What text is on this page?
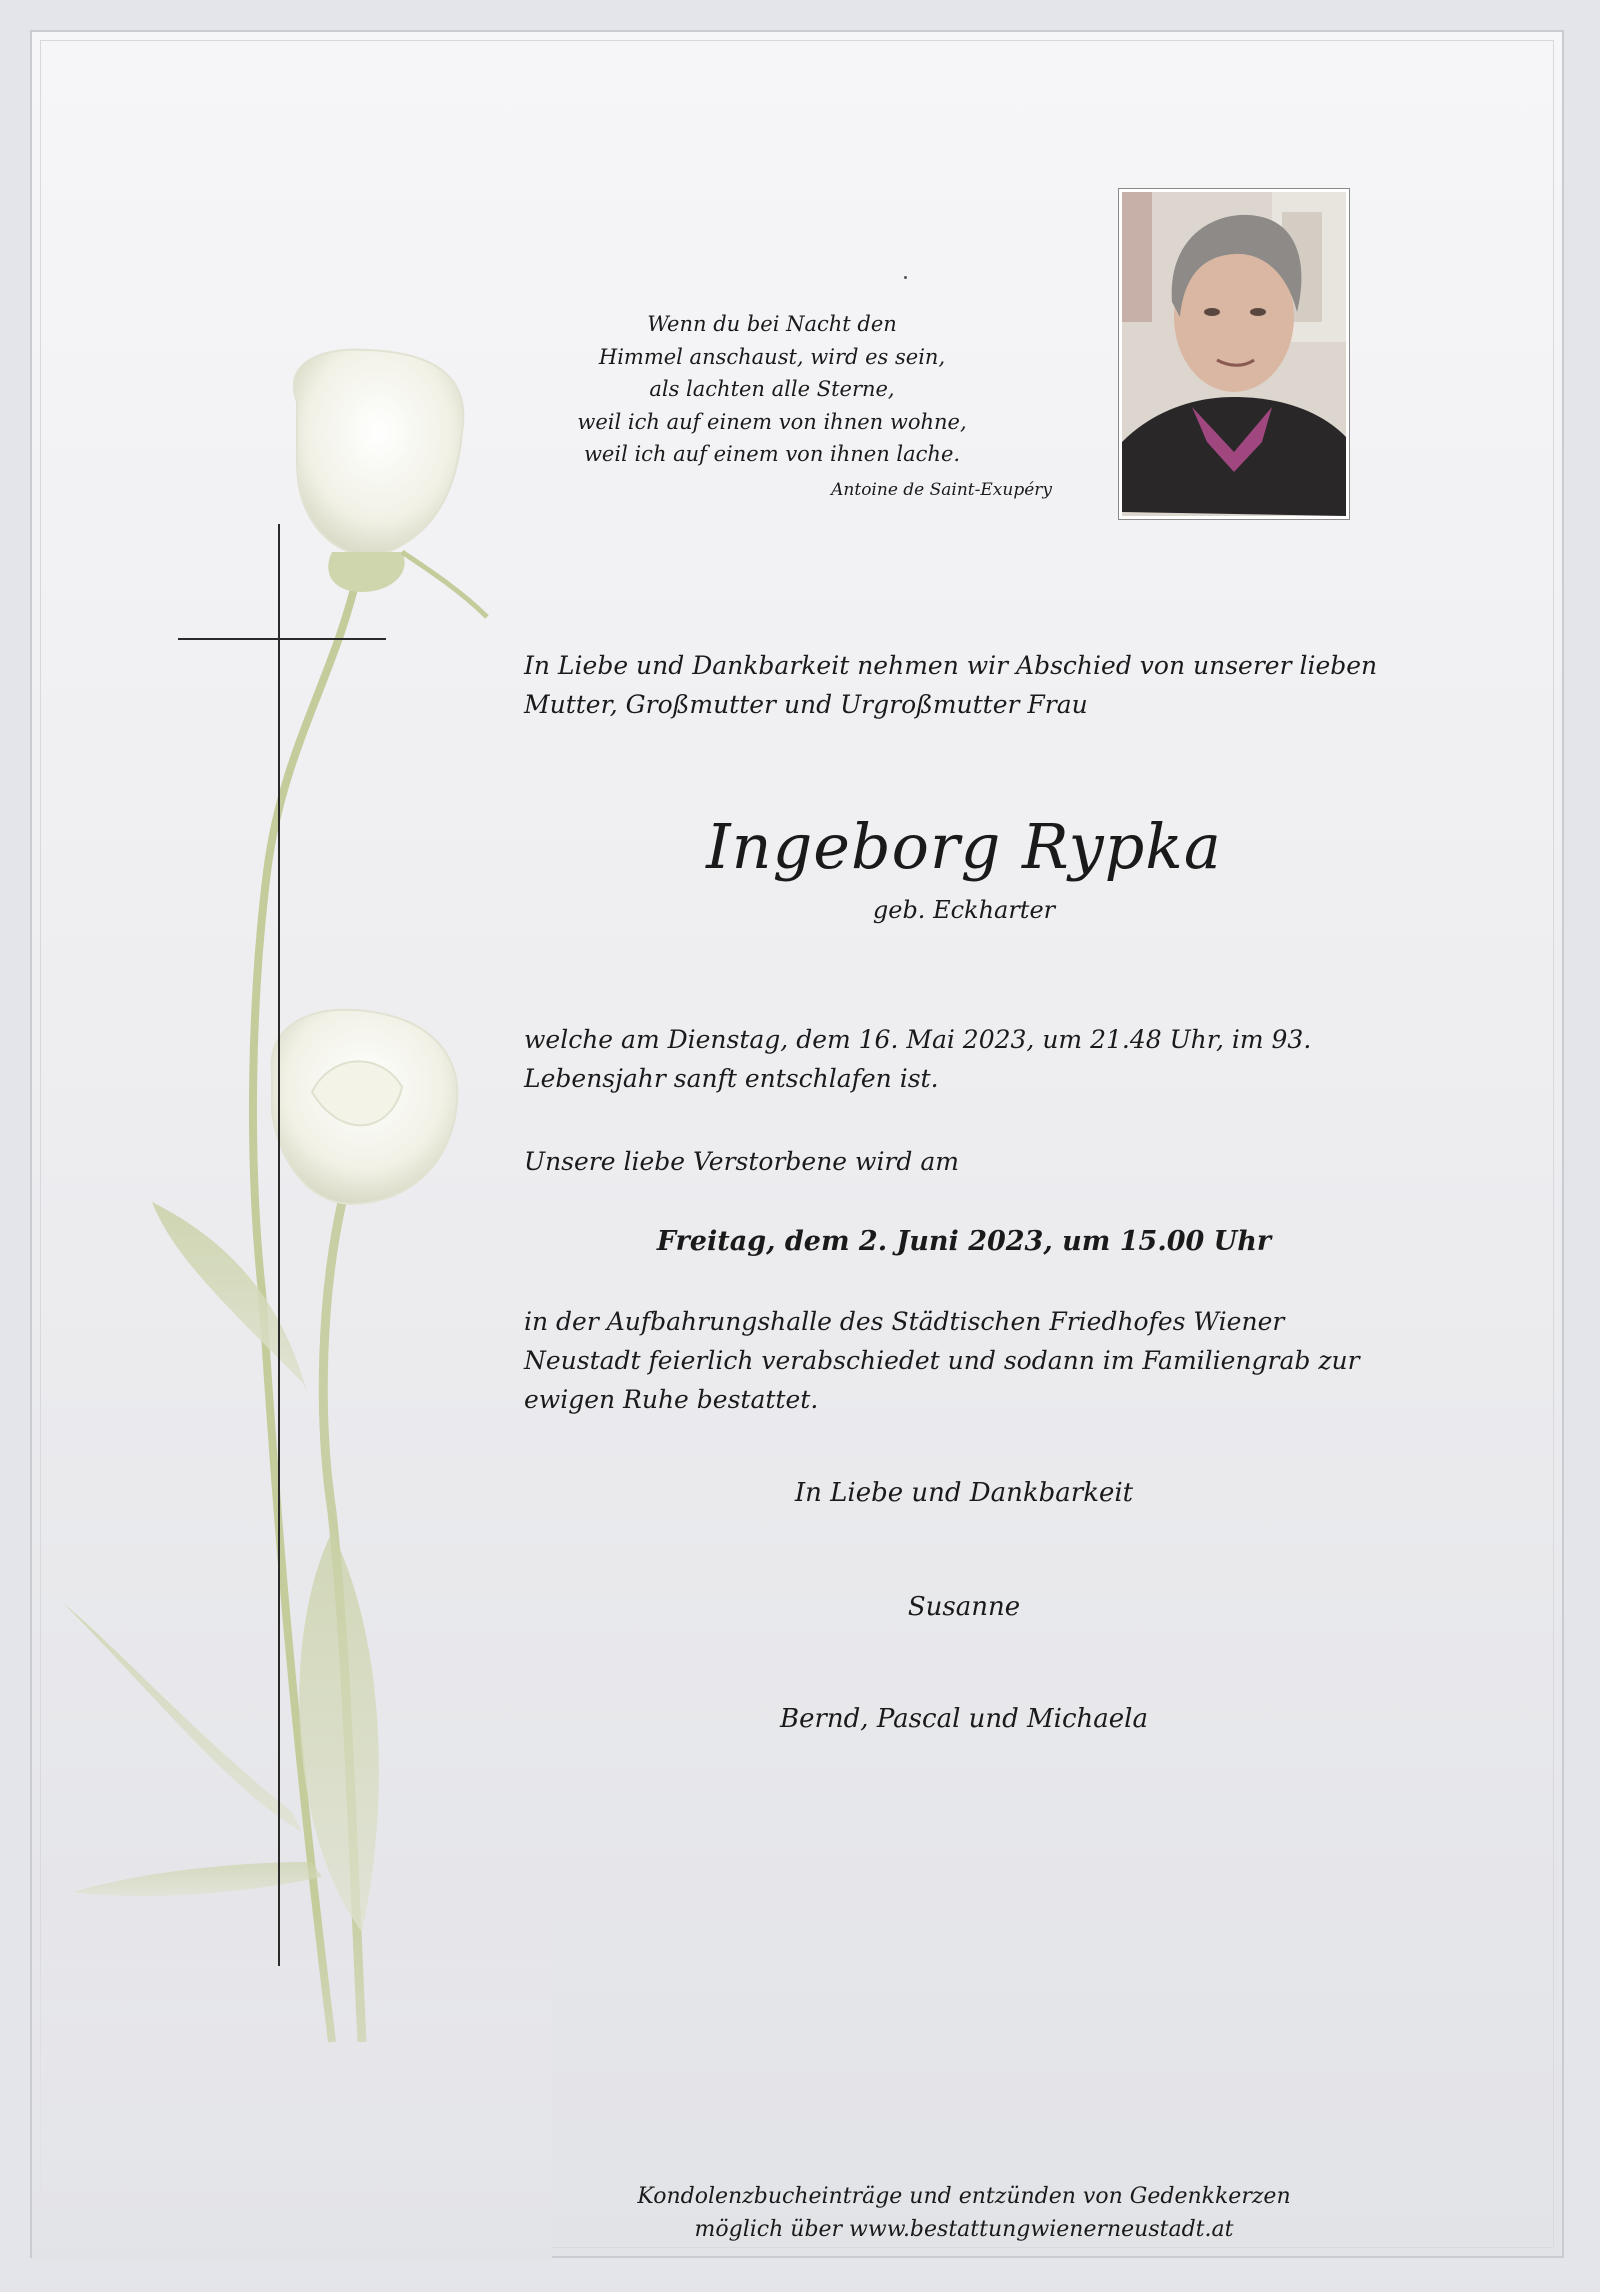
Wenn du bei Nacht den
Himmel anschaust, wird es sein,
als lachten alle Sterne,
weil ich auf einem von ihnen wohne,
weil ich auf einem von ihnen lache.
Antoine de Saint-Exupéry
In Liebe und Dankbarkeit nehmen wir Abschied von unserer lieben Mutter, Großmutter und Urgroßmutter Frau
Ingeborg Rypka
geb. Eckharter
welche am Dienstag, dem 16. Mai 2023, um 21.48 Uhr, im 93. Lebensjahr sanft entschlafen ist.
Unsere liebe Verstorbene wird am
Freitag, dem 2. Juni 2023, um 15.00 Uhr
in der Aufbahrungshalle des Städtischen Friedhofes Wiener Neustadt feierlich verabschiedet und sodann im Familiengrab zur ewigen Ruhe bestattet.
In Liebe und Dankbarkeit
Susanne
Bernd, Pascal und Michaela
Kondolenzbucheinträge und entzünden von Gedenkkerzen
möglich über www.bestattungwienerneustadt.at
